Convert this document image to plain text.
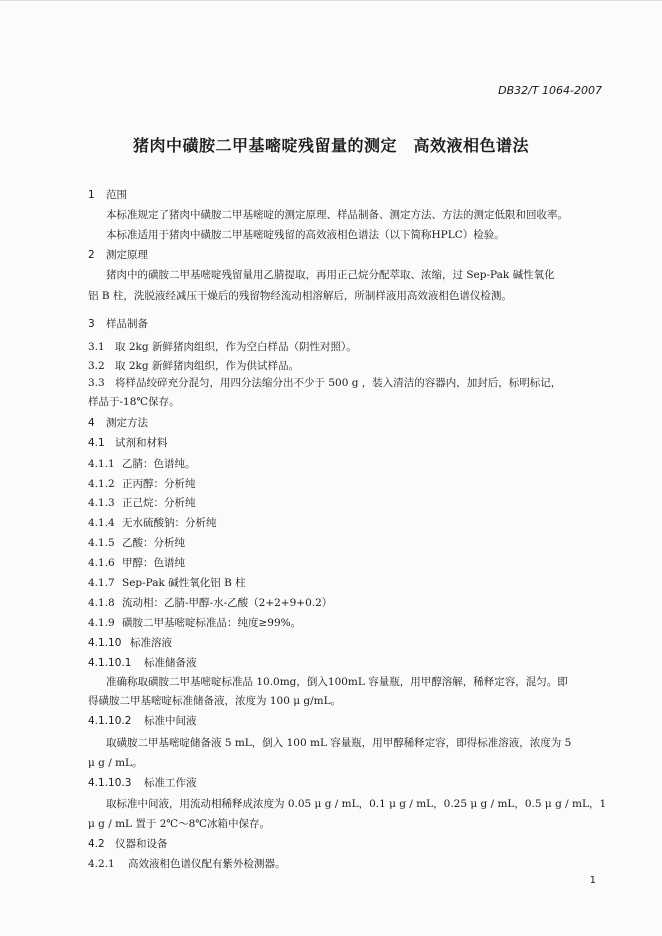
DB32/T 1064-2007
猪肉中磺胺二甲基嘧啶残留量的测定　高效液相色谱法
1 范围
本标准规定了猪肉中磺胺二甲基嘧啶的测定原理、样品制备、测定方法、方法的测定低限和回收率。
本标准适用于猪肉中磺胺二甲基嘧啶残留的高效液相色谱法（以下简称HPLC）检验。
2 测定原理
猪肉中的磺胺二甲基嘧啶残留量用乙腈提取，再用正己烷分配萃取、浓缩，过 Sep-Pak 碱性氧化
铝 B 柱，洗脱液经减压干燥后的残留物经流动相溶解后，所制样液用高效液相色谱仪检测。
3 样品制备
3.1 取 2kg 新鲜猪肉组织，作为空白样品（阴性对照）。
3.2 取 2kg 新鲜猪肉组织，作为供试样品。
3.3 将样品绞碎充分混匀，用四分法缩分出不少于 500 g ，装入清洁的容器内，加封后，标明标记，
样品于-18℃保存。
4 测定方法
4.1 试剂和材料
4.1.1 乙腈：色谱纯。
4.1.2 正丙醇：分析纯
4.1.3 正己烷：分析纯
4.1.4 无水硫酸钠：分析纯
4.1.5 乙酸：分析纯
4.1.6 甲醇：色谱纯
4.1.7 Sep-Pak 碱性氧化铝 B 柱
4.1.8 流动相：乙腈-甲醇-水-乙酸（2+2+9+0.2）
4.1.9 磺胺二甲基嘧啶标准品：纯度≥99%。
4.1.10 标准溶液
4.1.10.1 标准储备液
准确称取磺胺二甲基嘧啶标准品 10.0mg，倒入100mL 容量瓶，用甲醇溶解，稀释定容，混匀。即
得磺胺二甲基嘧啶标准储备液，浓度为 100 μ g/mL。
4.1.10.2 标准中间液
取磺胺二甲基嘧啶储备液 5 mL，倒入 100 mL 容量瓶，用甲醇稀释定容，即得标准溶液，浓度为 5
μ g / mL。
4.1.10.3 标准工作液
取标准中间液，用流动相稀释成浓度为 0.05 μ g / mL，0.1 μ g / mL，0.25 μ g / mL，0.5 μ g / mL，1
μ g / mL 置于 2℃～8℃冰箱中保存。
4.2 仪器和设备
4.2.1 高效液相色谱仪配有紫外检测器。
1
